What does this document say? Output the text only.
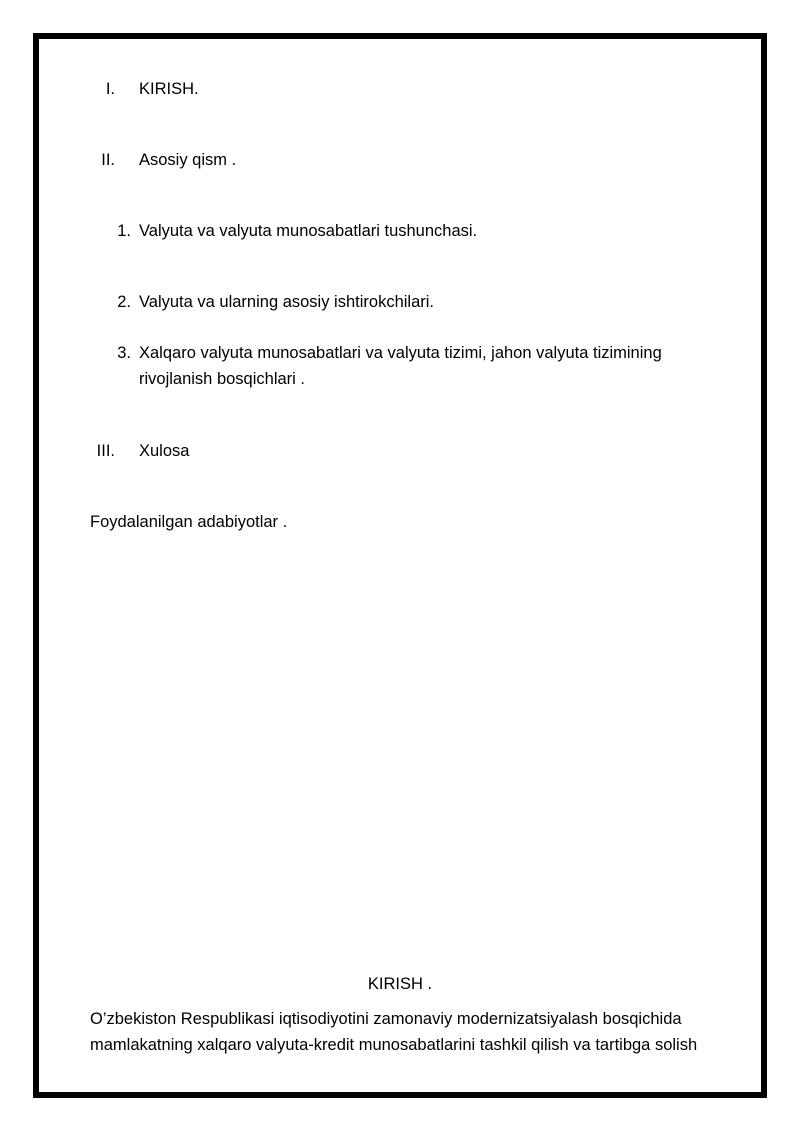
I. KIRISH.
II. Asosiy qism .
1. Valyuta va valyuta munosabatlari tushunchasi.
2. Valyuta va ularning asosiy ishtirokchilari.
3. Xalqaro valyuta munosabatlari va valyuta tizimi, jahon valyuta tizimining rivojlanish bosqichlari .
III. Xulosa
Foydalanilgan adabiyotlar .
KIRISH .
O’zbekiston Respublikasi iqtisodiyotini zamonaviy modernizatsiyalash bosqichida mamlakatning xalqaro valyuta-kredit munosabatlarini tashkil qilish va tartibga solish
